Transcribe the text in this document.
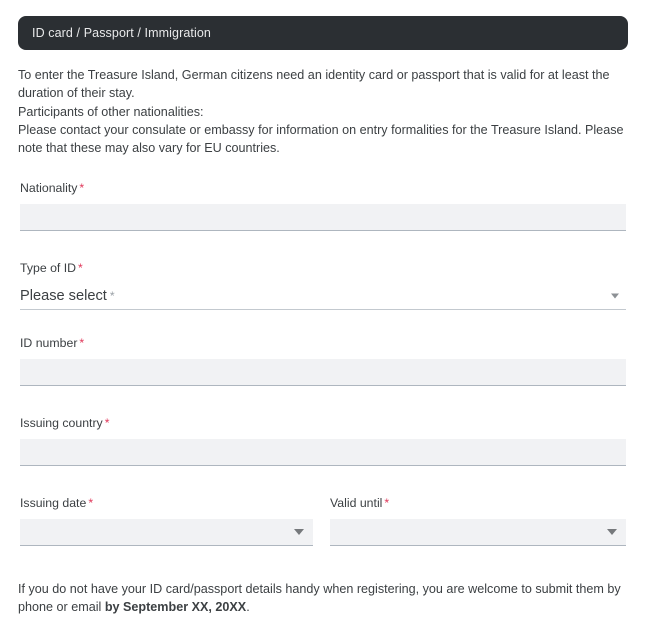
ID card / Passport / Immigration

To enter the Treasure Island, German citizens need an identity card or passport that is valid for at least the duration of their stay.

Participants of other nationalities:

Please contact your consulate or embassy for information on entry formalities for the Treasure Island. Please note that these may also vary for EU countries.

Nationality *
Type of ID *
Please select *
ID number *
Issuing country *
Issuing date *	Valid until *
If you do not have your ID card/passport details handy when registering, you are welcome to submit them by phone or email by September XX, 20XX.
